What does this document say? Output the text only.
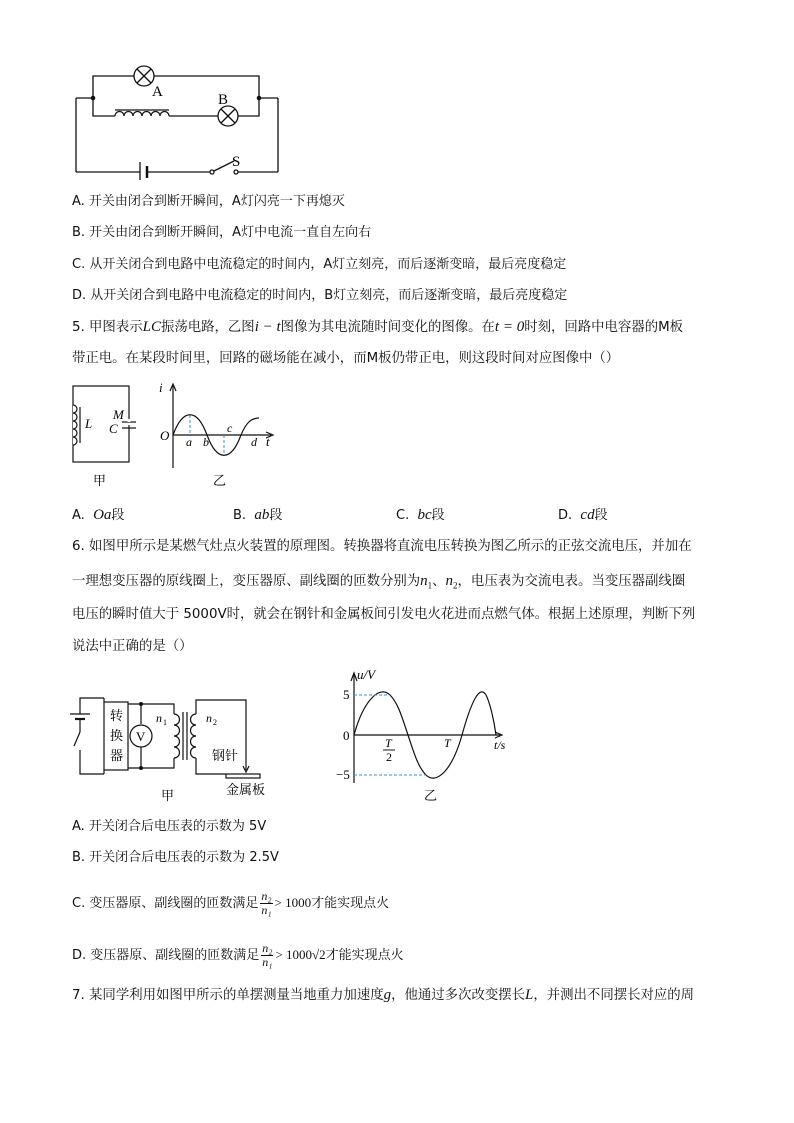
A	B
S
A. 开关由闭合到断开瞬间，A灯闪亮一下再熄灭
B. 开关由闭合到断开瞬间，A灯中电流一直自左向右
C. 从开关闭合到电路中电流稳定的时间内，A灯立刻亮，而后逐渐变暗，最后亮度稳定
D. 从开关闭合到电路中电流稳定的时间内，B灯立刻亮，而后逐渐变暗，最后亮度稳定
5. 甲图表示LC振荡电路，乙图i − t图像为其电流随时间变化的图像。在t = 0时刻，回路中电容器的M板
带正电。在某段时间里，回路的磁场能在减小，而M板仍带正电，则这段时间对应图像中（）
L
M
C
甲
i
O a b
c
d t
乙
A. Oa段	B. ab段	C. bc段	D. cd段
6. 如图甲所示是某燃气灶点火装置的原理图。转换器将直流电压转换为图乙所示的正弦交流电压，并加在
一理想变压器的原线圈上，变压器原、副线圈的匝数分别为$n_1$、$n_2$，电压表为交流电表。当变压器副线圈
电压的瞬时值大于 5000V时，就会在钢针和金属板间引发电火花进而点燃气体。根据上述原理，判断下列
说法中正确的是（）
转
换
器
V
n 1	n 2
钢针
金属板
甲
u/V
5
0
−5
T
2
T	t/s
乙
A. 开关闭合后电压表的示数为 5V
B. 开关闭合后电压表的示数为 2.5V
C. 变压器原、副线圈的匝数满足 $\frac{\text{n₂}}{\text{n₁}} > 1000$才能实现点火
D. 变压器原、副线圈的匝数满足 $\frac{\text{n₂}}{\text{n₁}} > 1000√2$才能实现点火
7. 某同学利用如图甲所示的单摆测量当地重力加速度g，他通过多次改变摆长L，并测出不同摆长对应的周
